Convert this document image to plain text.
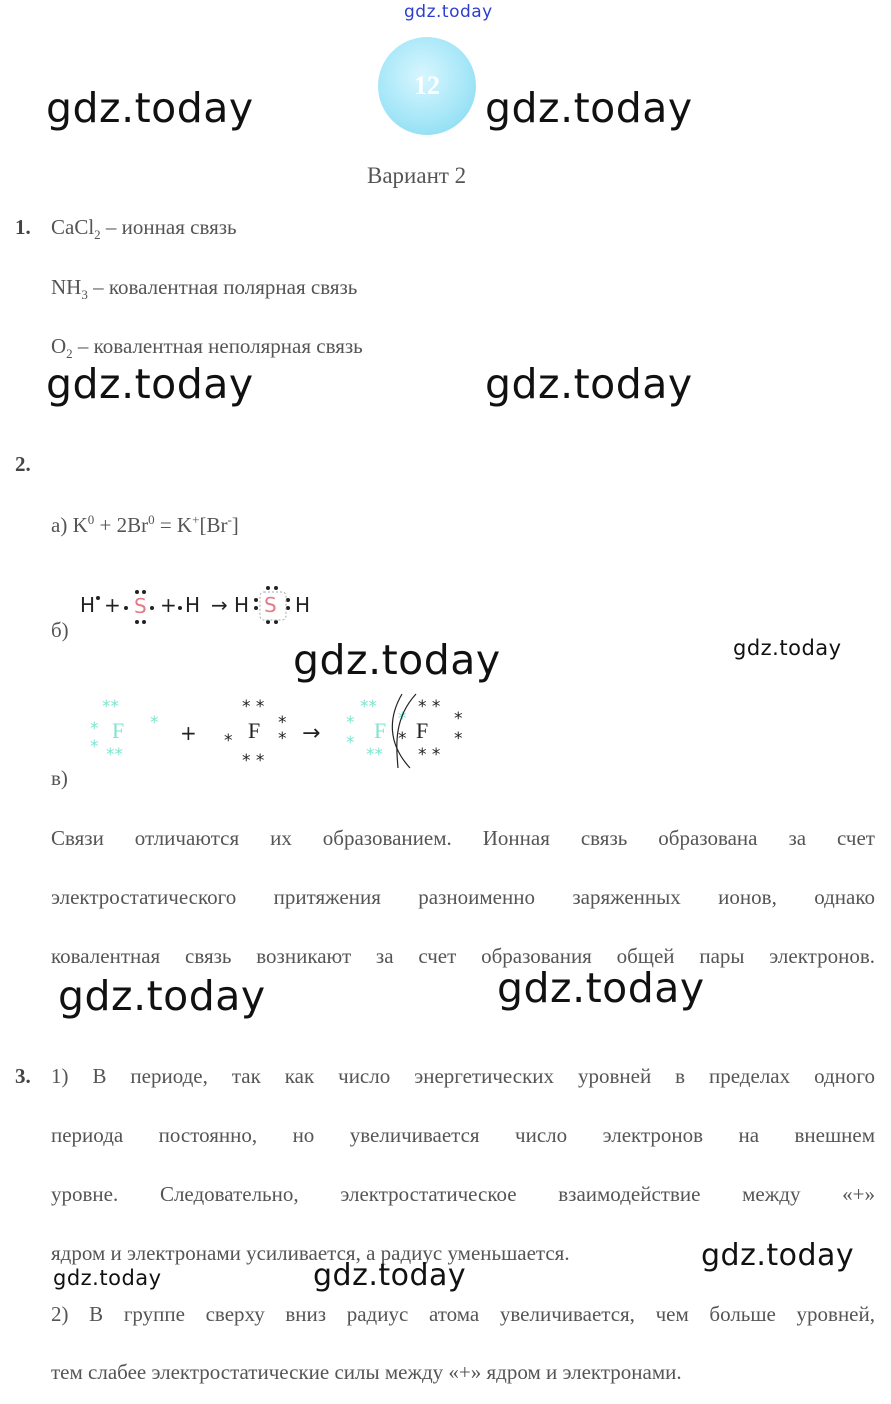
gdz.today
12
gdz.today	gdz.today
Вариант 2
1. CaCl$_2$ – ионная связь
$NH_3$ – ковалентная полярная связь
$O_2$ – ковалентная неполярная связь
gdz.today	gdz.today
2.
а) $K^0 + 2Br^0 = K^+[Br^-]$
H + S + H → H S H
б)
gdz.today	gdz.today
**
*
*
*
**
F	+
* *
*
*
*
* *
F →
**
*
*
**
*
F F
*
* *
*
*
* *
в)
Связи отличаются их образованием. Ионная связь образована за счет
электростатического притяжения разноименно заряженных ионов, однако
ковалентная связь возникают за счет образования общей пары электронов.
gdz.today	gdz.today
3. 1) В периоде, так как число энергетических уровней в пределах одного
периода постоянно, но увеличивается число электронов на внешнем
уровне. Следовательно, электростатическое взаимодействие между «+»
ядром и электронами усиливается, а радиус уменьшается.	gdz.today
gdz.today	gdz.today
2) В группе сверху вниз радиус атома увеличивается, чем больше уровней,
тем слабее электростатические силы между «+» ядром и электронами.
